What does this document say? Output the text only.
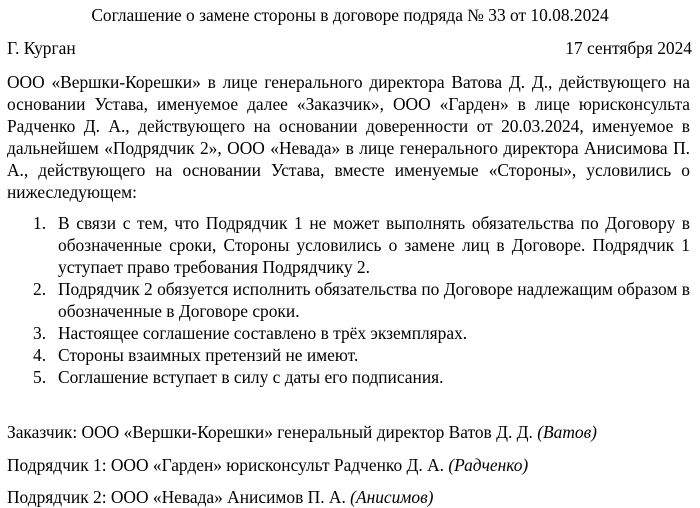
Соглашение о замене стороны в договоре подряда № 33 от 10.08.2024
Г. Курган	17 сентября 2024

ООО «Вершки-Корешки» в лице генерального директора Ватова Д. Д., действующего на основании Устава, именуемое далее «Заказчик», ООО «Гарден» в лице юрисконсульта Радченко Д. А., действующего на основании доверенности от 20.03.2024, именуемое в дальнейшем «Подрядчик 2», ООО «Невада» в лице генерального директора Анисимова П. А., действующего на основании Устава, вместе именуемые «Стороны», условились о нижеследующем:

1. В связи с тем, что Подрядчик 1 не может выполнять обязательства по Договору в обозначенные сроки, Стороны условились о замене лиц в Договоре. Подрядчик 1 уступает право требования Подрядчику 2.
2. Подрядчик 2 обязуется исполнить обязательства по Договоре надлежащим образом в обозначенные в Договоре сроки.
3. Настоящее соглашение составлено в трёх экземплярах.
4. Стороны взаимных претензий не имеют.
5. Соглашение вступает в силу с даты его подписания.
Заказчик: ООО «Вершки-Корешки» генеральный директор Ватов Д. Д. (Ватов)
Подрядчик 1: ООО «Гарден» юрисконсульт Радченко Д. А. (Радченко)
Подрядчик 2: ООО «Невада» Анисимов П. А. (Анисимов)
